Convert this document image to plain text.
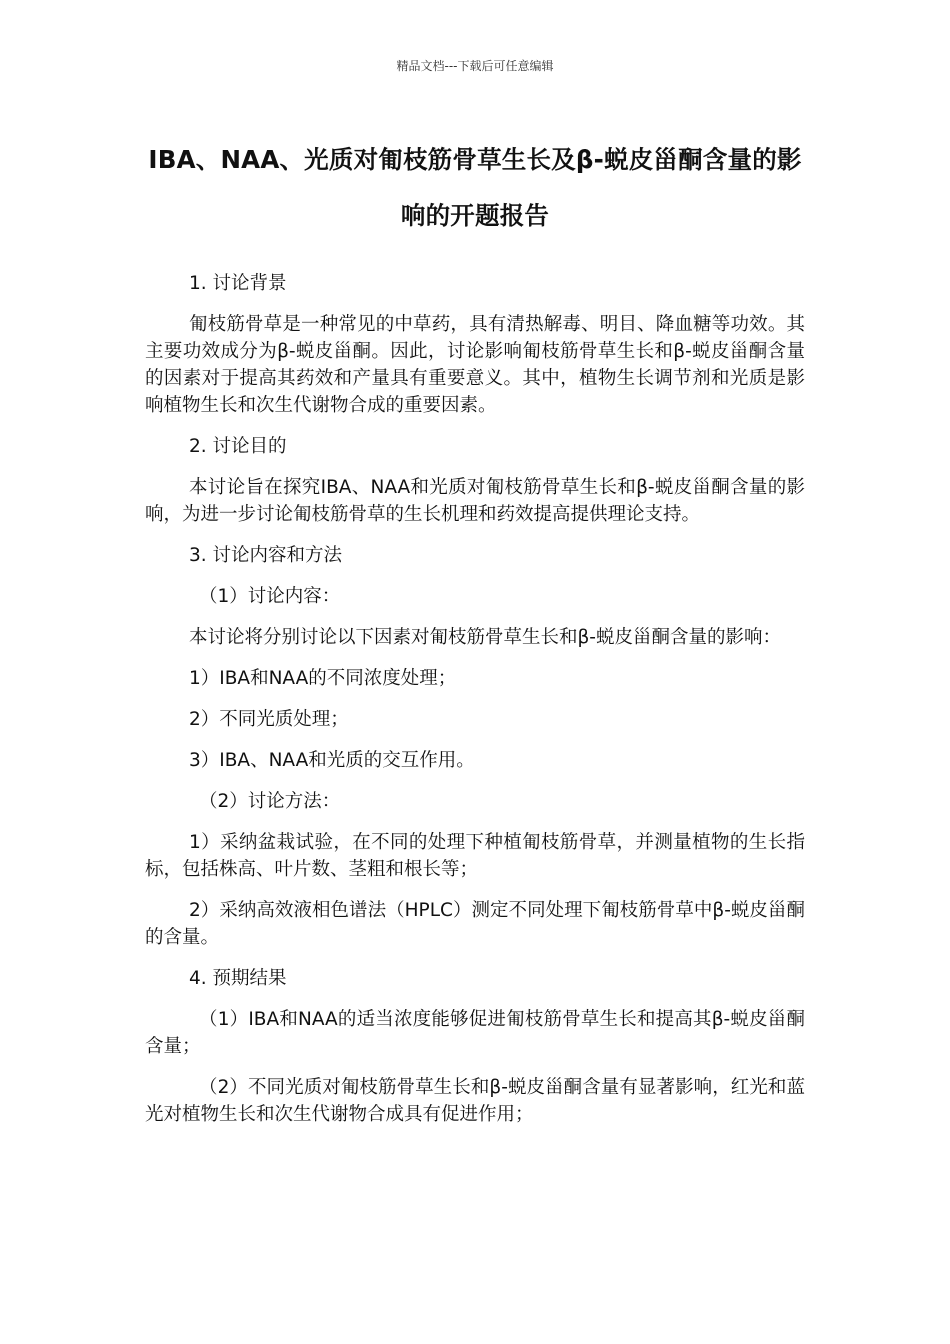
精品文档---下载后可任意编辑
IBA、NAA、光质对匍枝筋骨草生长及β-蜕皮甾酮含量的影响的开题报告

1. 讨论背景

匍枝筋骨草是一种常见的中草药，具有清热解毒、明目、降血糖等功效。其主要功效成分为β-蜕皮甾酮。因此，讨论影响匍枝筋骨草生长和β-蜕皮甾酮含量的因素对于提高其药效和产量具有重要意义。其中，植物生长调节剂和光质是影响植物生长和次生代谢物合成的重要因素。

2. 讨论目的

本讨论旨在探究IBA、NAA和光质对匍枝筋骨草生长和β-蜕皮甾酮含量的影响，为进一步讨论匍枝筋骨草的生长机理和药效提高提供理论支持。

3. 讨论内容和方法

（1）讨论内容：

本讨论将分别讨论以下因素对匍枝筋骨草生长和β-蜕皮甾酮含量的影响：

1）IBA和NAA的不同浓度处理；

2）不同光质处理；

3）IBA、NAA和光质的交互作用。

（2）讨论方法：

1）采纳盆栽试验，在不同的处理下种植匍枝筋骨草，并测量植物的生长指标，包括株高、叶片数、茎粗和根长等；

2）采纳高效液相色谱法（HPLC）测定不同处理下匍枝筋骨草中β-蜕皮甾酮的含量。

4. 预期结果

（1）IBA和NAA的适当浓度能够促进匍枝筋骨草生长和提高其β-蜕皮甾酮含量；

（2）不同光质对匍枝筋骨草生长和β-蜕皮甾酮含量有显著影响，红光和蓝光对植物生长和次生代谢物合成具有促进作用；
